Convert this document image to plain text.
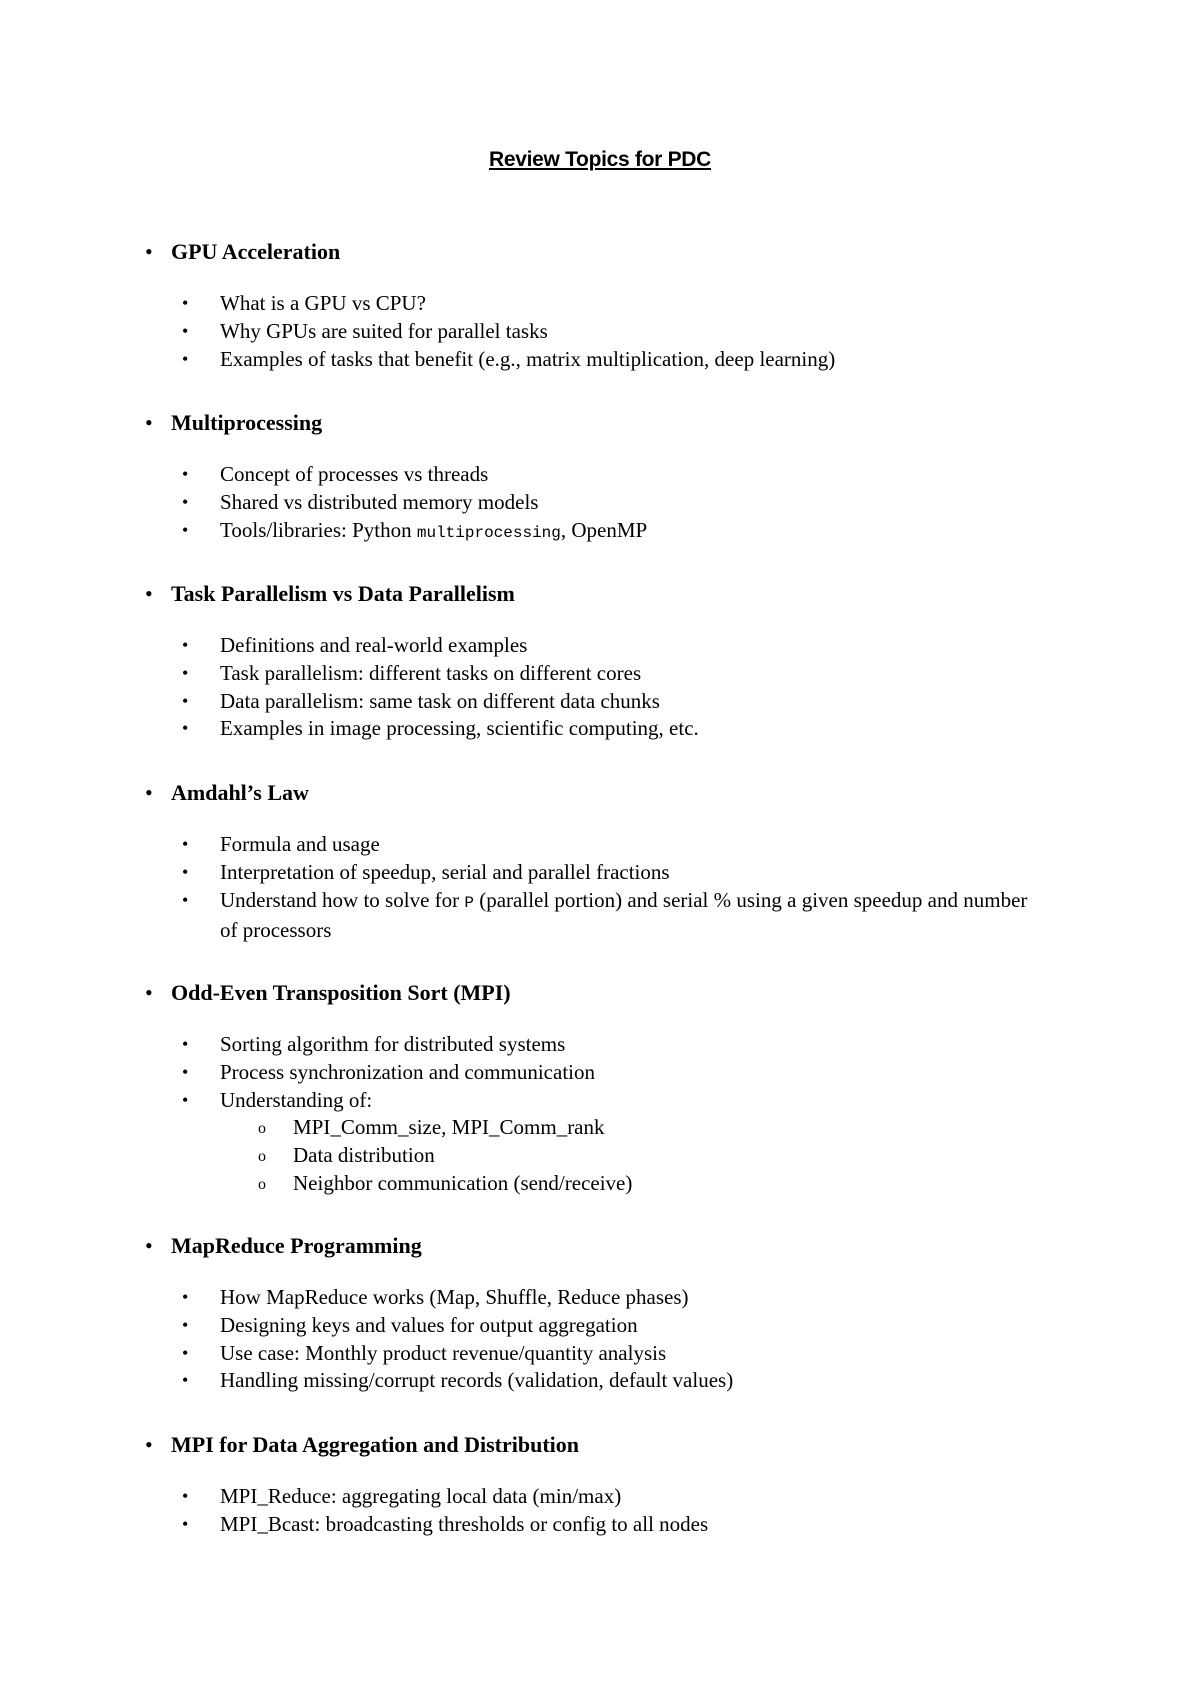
Review Topics for PDC
• GPU Acceleration
• What is a GPU vs CPU?
• Why GPUs are suited for parallel tasks
• Examples of tasks that benefit (e.g., matrix multiplication, deep learning)
• Multiprocessing
• Concept of processes vs threads
• Shared vs distributed memory models
• Tools/libraries: Python multiprocessing, OpenMP
• Task Parallelism vs Data Parallelism
• Definitions and real-world examples
• Task parallelism: different tasks on different cores
• Data parallelism: same task on different data chunks
• Examples in image processing, scientific computing, etc.
• Amdahl’s Law
• Formula and usage
• Interpretation of speedup, serial and parallel fractions
• Understand how to solve for P (parallel portion) and serial % using a given speedup and number of processors
• Odd-Even Transposition Sort (MPI)
• Sorting algorithm for distributed systems
• Process synchronization and communication
• Understanding of:
o MPI_Comm_size, MPI_Comm_rank
o Data distribution
o Neighbor communication (send/receive)
• MapReduce Programming
• How MapReduce works (Map, Shuffle, Reduce phases)
• Designing keys and values for output aggregation
• Use case: Monthly product revenue/quantity analysis
• Handling missing/corrupt records (validation, default values)
• MPI for Data Aggregation and Distribution
• MPI_Reduce: aggregating local data (min/max)
• MPI_Bcast: broadcasting thresholds or config to all nodes
